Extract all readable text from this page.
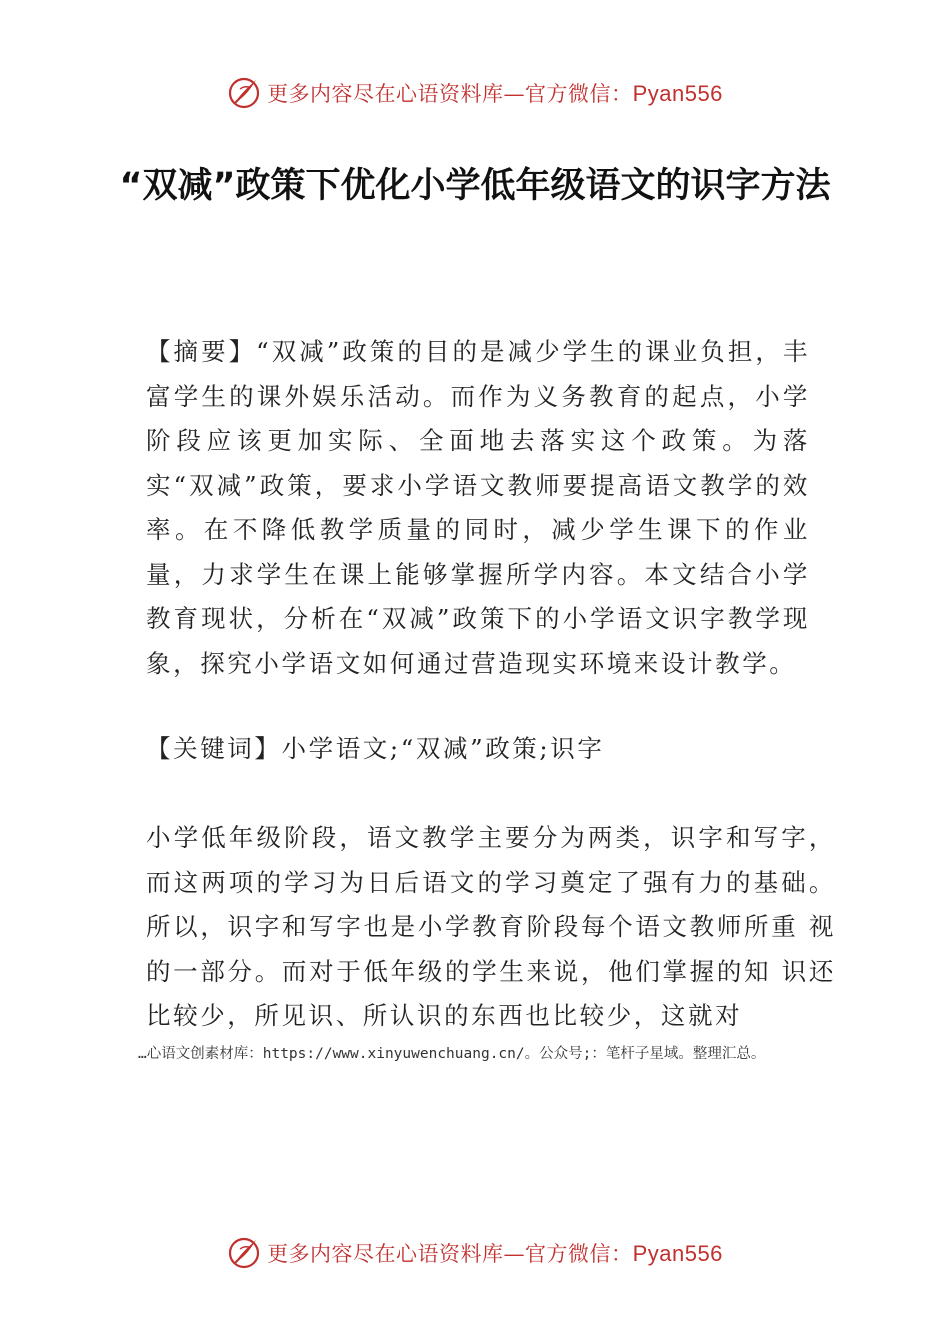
更多内容尽在心语资料库—官方微信：Pyan556
“双减”政策下优化小学低年级语文的识字方法

【摘要】“双减”政策的目的是减少学生的课业负担，丰富学生的课外娱乐活动。而作为义务教育的起点，小学阶段应该更加实际、全面地去落实这个政策。为落实“双减”政策，要求小学语文教师要提高语文教学的效率。在不降低教学质量的同时，减少学生课下的作业量，力求学生在课上能够掌握所学内容。本文结合小学教育现状，分析在“双减”政策下的小学语文识字教学现象，探究小学语文如何通过营造现实环境来设计教学。

【关键词】小学语文;“双减”政策;识字

小学低年级阶段，语文教学主要分为两类，识字和写字， 而这两项的学习为日后语文的学习奠定了强有力的基础。所以，识字和写字也是小学教育阶段每个语文教师所重 视的一部分。而对于低年级的学生来说，他们掌握的知 识还比较少，所见识、所认识的东西也比较少，这就对

…心语文创素材库：https://www.xinyuwenchuang.cn/。公众号;：笔杆子星域。整理汇总。

更多内容尽在心语资料库—官方微信：Pyan556
